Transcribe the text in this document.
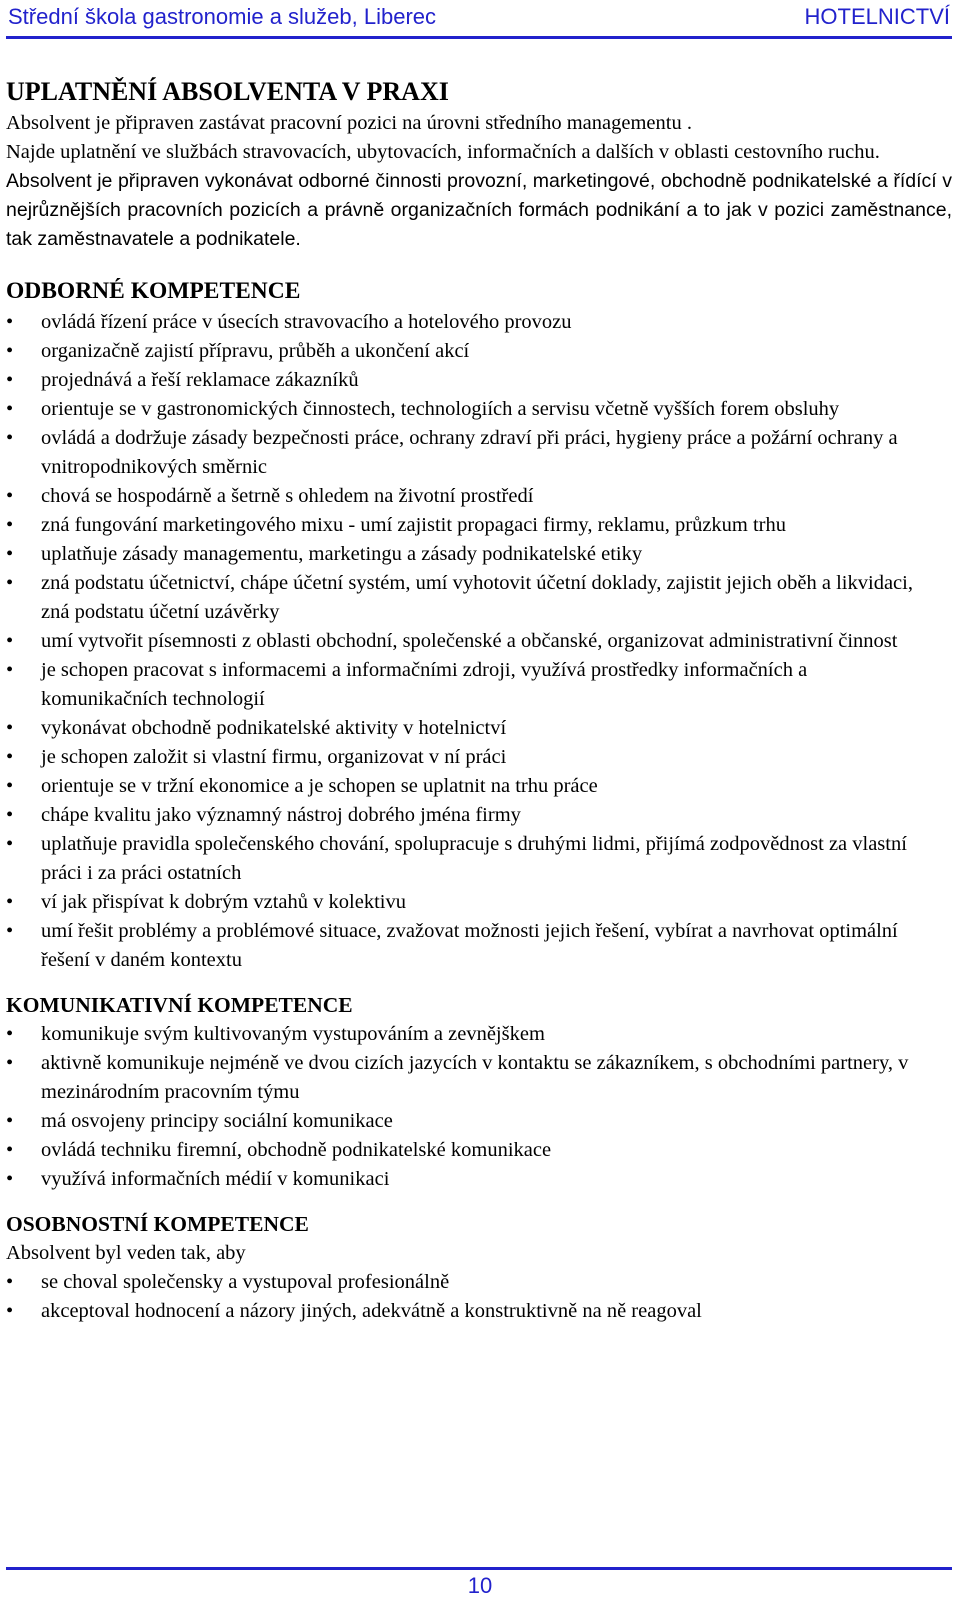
Střední škola gastronomie a služeb, Liberec	HOTELNICTVÍ
UPLATNĚNÍ ABSOLVENTA V PRAXI

Absolvent je připraven zastávat pracovní pozici na úrovni středního managementu .

Najde uplatnění ve službách stravovacích, ubytovacích, informačních a dalších v oblasti cestovního ruchu.

Absolvent je připraven vykonávat odborné činnosti provozní, marketingové, obchodně podnikatelské a řídící v nejrůznějších pracovních pozicích a právně organizačních formách podnikání a to jak v pozici zaměstnance, tak zaměstnavatele a podnikatele.

ODBORNÉ KOMPETENCE
• ovládá řízení práce v úsecích stravovacího a hotelového provozu
• organizačně zajistí přípravu, průběh a ukončení akcí
• projednává a řeší reklamace zákazníků
• orientuje se v gastronomických činnostech, technologiích a servisu včetně vyšších forem obsluhy
• ovládá a dodržuje zásady bezpečnosti práce, ochrany zdraví při práci, hygieny práce a požární ochrany a vnitropodnikových směrnic
• chová se hospodárně a šetrně s ohledem na životní prostředí
• zná fungování marketingového mixu - umí zajistit propagaci firmy, reklamu, průzkum trhu
• uplatňuje zásady managementu, marketingu a zásady podnikatelské etiky
• zná podstatu účetnictví, chápe účetní systém, umí vyhotovit účetní doklady, zajistit jejich oběh a likvidaci, zná podstatu účetní uzávěrky
• umí vytvořit písemnosti z oblasti obchodní, společenské a občanské, organizovat administrativní činnost
• je schopen pracovat s informacemi a informačními zdroji, využívá prostředky informačních a komunikačních technologií
• vykonávat obchodně podnikatelské aktivity v hotelnictví
• je schopen založit si vlastní firmu, organizovat v ní práci
• orientuje se v tržní ekonomice a je schopen se uplatnit na trhu práce
• chápe kvalitu jako významný nástroj dobrého jména firmy
• uplatňuje pravidla společenského chování, spolupracuje s druhými lidmi, přijímá zodpovědnost za vlastní práci i za práci ostatních
• ví jak přispívat k dobrým vztahů v kolektivu
• umí řešit problémy a problémové situace, zvažovat možnosti jejich řešení, vybírat a navrhovat optimální řešení v daném kontextu
KOMUNIKATIVNÍ KOMPETENCE
• komunikuje svým kultivovaným vystupováním a zevnějškem
• aktivně komunikuje nejméně ve dvou cizích jazycích v kontaktu se zákazníkem, s obchodními partnery, v mezinárodním pracovním týmu
• má osvojeny principy sociální komunikace
• ovládá techniku firemní, obchodně podnikatelské komunikace
• využívá informačních médií v komunikaci
OSOBNOSTNÍ KOMPETENCE

Absolvent byl veden tak, aby

• se choval společensky a vystupoval profesionálně
• akceptoval hodnocení a názory jiných, adekvátně a konstruktivně na ně reagoval
10
